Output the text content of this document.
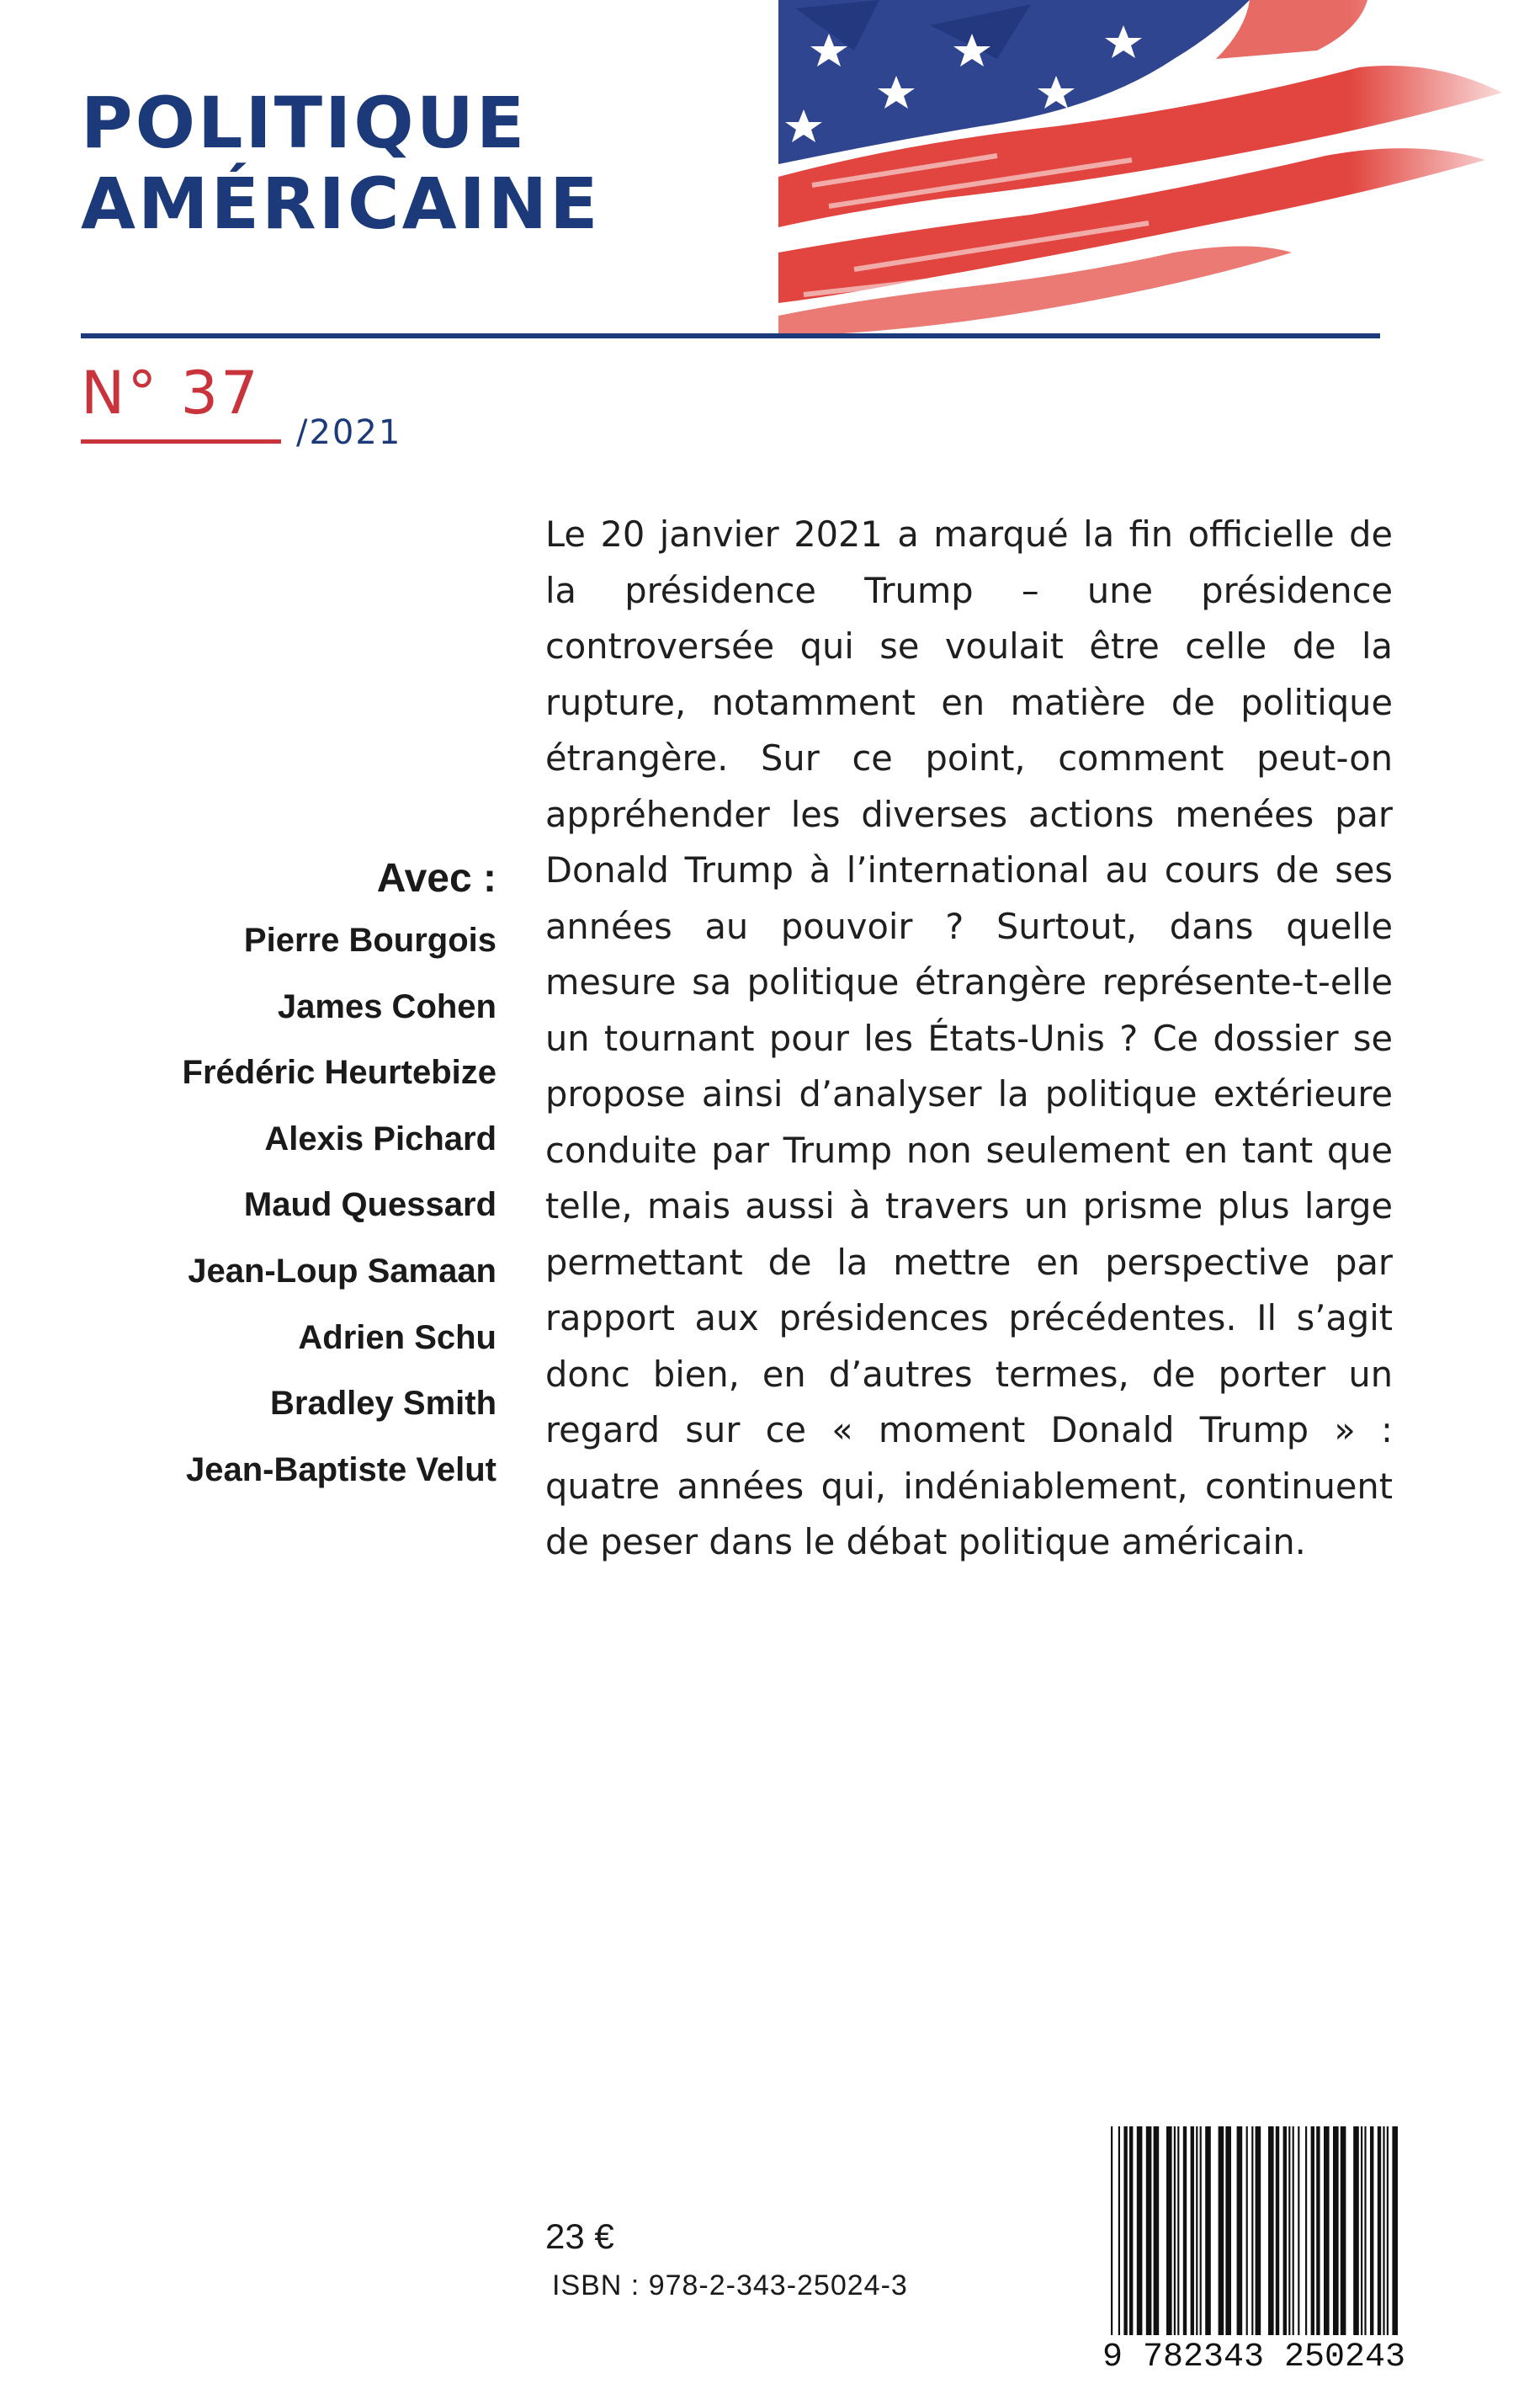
POLITIQUE
AMÉRICAINE
N° 37
/2021
Avec :
Pierre Bourgois
James Cohen
Frédéric Heurtebize
Alexis Pichard
Maud Quessard
Jean-Loup Samaan
Adrien Schu
Bradley Smith
Jean-Baptiste Velut

Le 20 janvier 2021 a marqué la fin officielle de la présidence Trump – une présidence controversée qui se voulait être celle de la rupture, notamment en matière de politique étrangère. Sur ce point, comment peut-on appréhender les diverses actions menées par Donald Trump à l’international au cours de ses années au pouvoir ? Surtout, dans quelle mesure sa politique étrangère représente-t-elle un tournant pour les États-Unis ? Ce dossier se propose ainsi d’analyser la politique extérieure conduite par Trump non seulement en tant que telle, mais aussi à travers un prisme plus large permettant de la mettre en perspective par rapport aux présidences précédentes. Il s’agit donc bien, en d’autres termes, de porter un regard sur ce « moment Donald Trump » : quatre années qui, indéniablement, continuent de peser dans le débat politique américain.

23 €
ISBN : 978-2-343-25024-3
9 782343 250243
